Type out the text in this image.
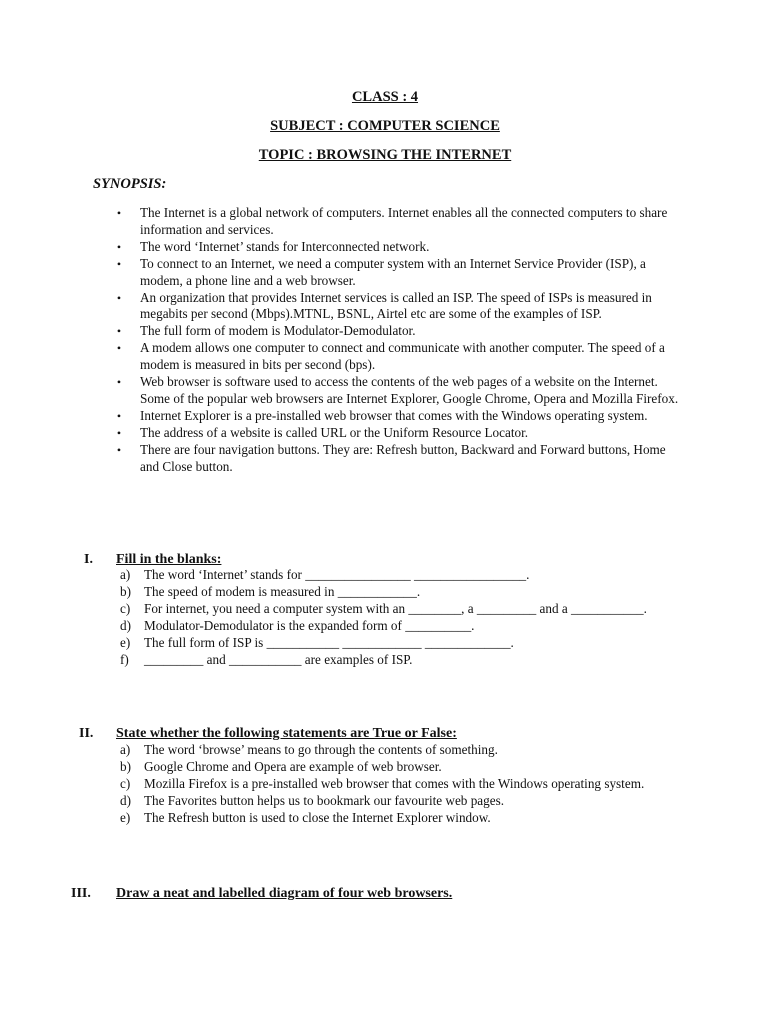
CLASS : 4
SUBJECT : COMPUTER SCIENCE
TOPIC : BROWSING THE INTERNET
SYNOPSIS:
• The Internet is a global network of computers. Internet enables all the connected computers to share information and services.
• The word ‘Internet’ stands for Interconnected network.
• To connect to an Internet, we need a computer system with an Internet Service Provider (ISP), a modem, a phone line and a web browser.
• An organization that provides Internet services is called an ISP. The speed of ISPs is measured in megabits per second (Mbps).MTNL, BSNL, Airtel etc are some of the examples of ISP.
• The full form of modem is Modulator-Demodulator.
• A modem allows one computer to connect and communicate with another computer. The speed of a modem is measured in bits per second (bps).
• Web browser is software used to access the contents of the web pages of a website on the Internet. Some of the popular web browsers are Internet Explorer, Google Chrome, Opera and Mozilla Firefox.
• Internet Explorer is a pre-installed web browser that comes with the Windows operating system.
• The address of a website is called URL or the Uniform Resource Locator.
• There are four navigation buttons. They are: Refresh button, Backward and Forward buttons, Home and Close button.
I. Fill in the blanks:
a) The word ‘Internet’ stands for ________________ _________________.
b) The speed of modem is measured in ____________.
c) For internet, you need a computer system with an ________, a _________ and a ___________.
d) Modulator-Demodulator is the expanded form of __________.
e) The full form of ISP is ___________ ____________ _____________.
f) _________ and ___________ are examples of ISP.
II. State whether the following statements are True or False:
a) The word ‘browse’ means to go through the contents of something.
b) Google Chrome and Opera are example of web browser.
c) Mozilla Firefox is a pre-installed web browser that comes with the Windows operating system.
d) The Favorites button helps us to bookmark our favourite web pages.
e) The Refresh button is used to close the Internet Explorer window.
III. Draw a neat and labelled diagram of four web browsers.
